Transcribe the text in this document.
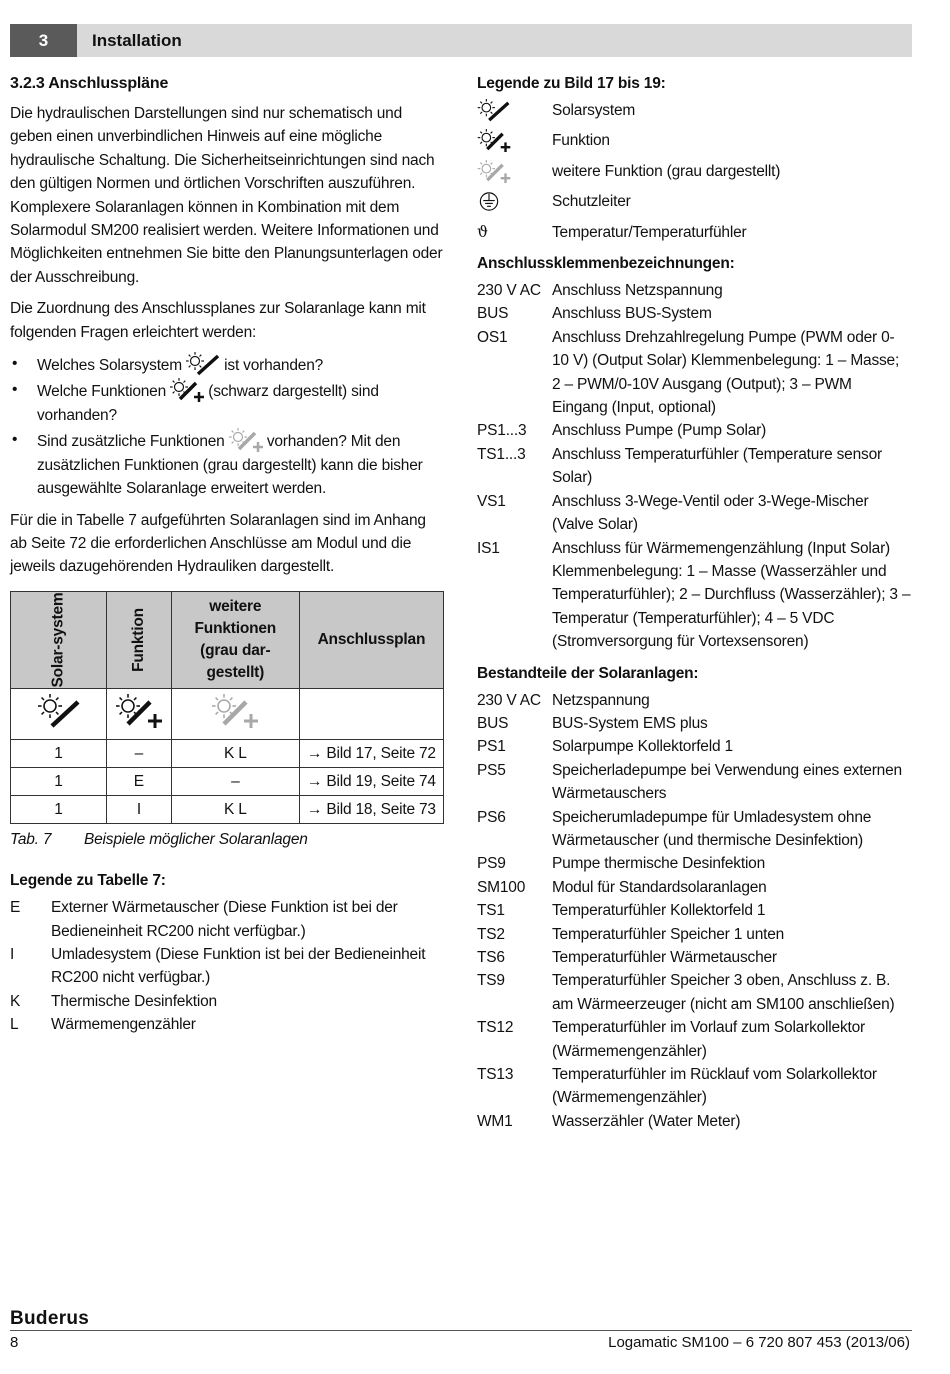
3	Installation
3.2.3 Anschlusspläne

Die hydraulischen Darstellungen sind nur schematisch und geben einen unverbindlichen Hinweis auf eine mögliche hydraulische Schaltung. Die Sicherheitseinrichtungen sind nach den gültigen Normen und örtlichen Vorschriften auszuführen. Komplexere Solaranlagen können in Kombination mit dem Solarmodul SM200 realisiert werden. Weitere Informationen und Möglichkeiten entnehmen Sie bitte den Planungsunterlagen oder der Ausschreibung.

Die Zuordnung des Anschlussplanes zur Solaranlage kann mit folgenden Fragen erleichtert werden:

• Welches Solarsystem	ist vorhanden?
• Welche Funktionen	(schwarz dargestellt) sind vorhanden?
• Sind zusätzliche Funktionen	vorhanden? Mit den zusätzlichen Funktionen (grau dargestellt) kann die bisher ausgewählte Solaranlage erweitert werden.

Für die in Tabelle 7 aufgeführten Solaranlagen sind im Anhang ab Seite 72 die erforderlichen Anschlüsse am Modul und die jeweils dazugehörenden Hydrauliken dargestellt.

Solar-system	Funktion	weitere Funktionen (grau dar-gestellt)	Anschlussplan

1	–	K L	→ Bild 17, Seite 72
1	E	–	→ Bild 19, Seite 74
1	I	K L	→ Bild 18, Seite 73
Tab. 7 Beispiele möglicher Solaranlagen
Legende zu Tabelle 7:
E	Externer Wärmetauscher (Diese Funktion ist bei der Bedieneinheit RC200 nicht verfügbar.)
I	Umladesystem (Diese Funktion ist bei der Bedieneinheit RC200 nicht verfügbar.)
K	Thermische Desinfektion
L	Wärmemengenzähler
Legende zu Bild 17 bis 19:
Solarsystem
Funktion
weitere Funktion (grau dargestellt)
Schutzleiter
ϑ	Temperatur/Temperaturfühler
Anschlussklemmenbezeichnungen:
230 V AC Anschluss Netzspannung
BUS	Anschluss BUS-System
OS1	Anschluss Drehzahlregelung Pumpe (PWM oder 0-10 V) (Output Solar) Klemmenbelegung: 1 – Masse; 2 – PWM/0-10V Ausgang (Output); 3 – PWM Eingang (Input, optional)
PS1...3	Anschluss Pumpe (Pump Solar)
TS1...3	Anschluss Temperaturfühler (Temperature sensor Solar)
VS1	Anschluss 3-Wege-Ventil oder 3-Wege-Mischer (Valve Solar)
IS1	Anschluss für Wärmemengenzählung (Input Solar) Klemmenbelegung: 1 – Masse (Wasserzähler und Temperaturfühler); 2 – Durchfluss (Wasserzähler); 3 – Temperatur (Temperaturfühler); 4 – 5 VDC (Stromversorgung für Vortexsensoren)
Bestandteile der Solaranlagen:
230 V AC Netzspannung
BUS	BUS-System EMS plus
PS1	Solarpumpe Kollektorfeld 1
PS5	Speicherladepumpe bei Verwendung eines externen Wärmetauschers
PS6	Speicherumladepumpe für Umladesystem ohne Wärmetauscher (und thermische Desinfektion)
PS9	Pumpe thermische Desinfektion
SM100	Modul für Standardsolaranlagen
TS1	Temperaturfühler Kollektorfeld 1
TS2	Temperaturfühler Speicher 1 unten
TS6	Temperaturfühler Wärmetauscher
TS9	Temperaturfühler Speicher 3 oben, Anschluss z. B. am Wärmeerzeuger (nicht am SM100 anschließen)
TS12	Temperaturfühler im Vorlauf zum Solarkollektor (Wärmemengenzähler)
TS13	Temperaturfühler im Rücklauf vom Solarkollektor (Wärmemengenzähler)
WM1	Wasserzähler (Water Meter)
Buderus
8	Logamatic SM100 – 6 720 807 453 (2013/06)
